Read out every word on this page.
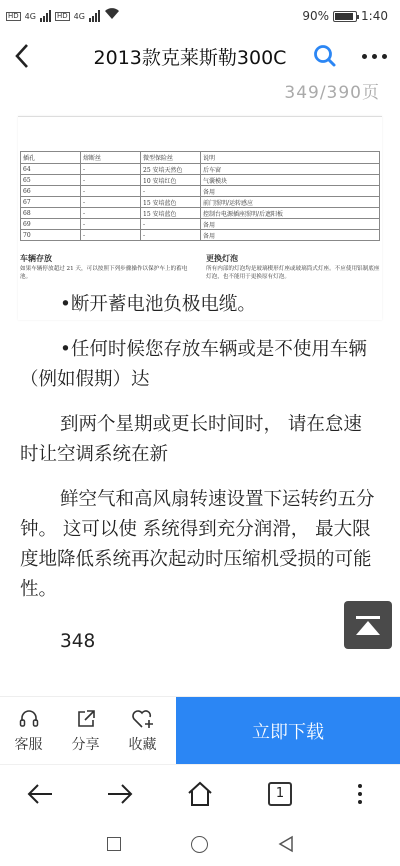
HD 4G	HD 4G	90%	1:40
2013款克莱斯勒300C
349/390页
插孔	熔断丝	微型保险丝	说明
64	-	25 安培天然色	后车窗
65	-	10 安培红色	气囊模块
66	-	-	备用
67	-	15 安培蓝色	前门照明/运转感应
68	-	15 安培蓝色	控制台电源插座照明/后遮阳板
69	-	-	备用
70	-	-	备用
车辆存放
如果车辆停放超过 21 天，可以按照下列步骤操作以保护车上的蓄电池。
更换灯泡
所有内部的灯泡均是玻璃楔形灯座或玻璃筒式灯座。不应使用铝制底座灯泡，也不能用于更换原有灯泡。

•断开蓄电池负极电缆。

•任何时候您存放车辆或是不使用车辆（例如假期）达

到两个星期或更长时间时， 请在怠速时让空调系统在新

鲜空气和高风扇转速设置下运转约五分钟。 这可以使 系统得到充分润滑， 最大限度地降低系统再次起动时压缩机受损的可能性。

348
客服 分享 收藏
立即下载
1
